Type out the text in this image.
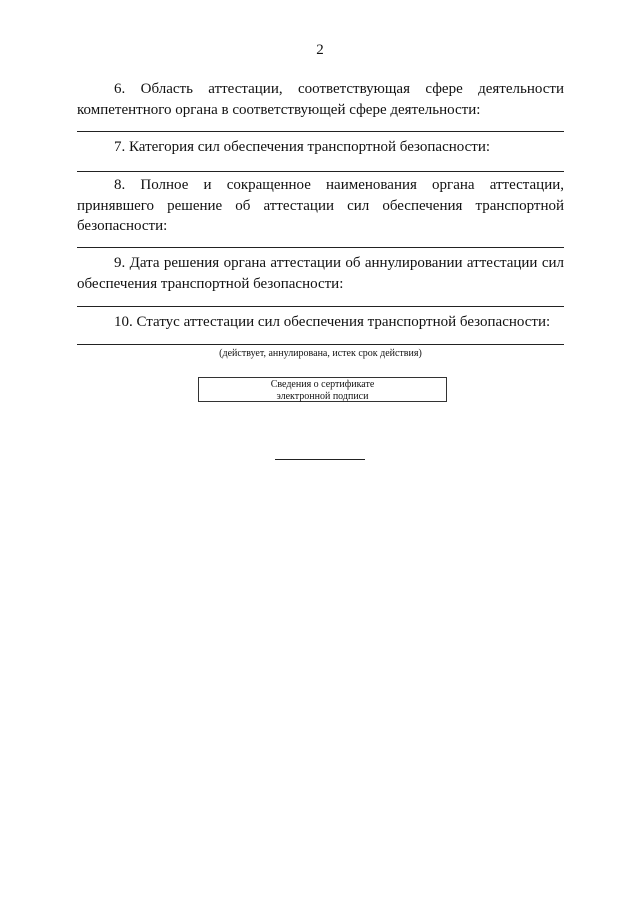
2
6. Область аттестации, соответствующая сфере деятельности компетентного органа в соответствующей сфере деятельности:
7. Категория сил обеспечения транспортной безопасности:
8. Полное и сокращенное наименования органа аттестации, принявшего решение об аттестации сил обеспечения транспортной безопасности:
9. Дата решения органа аттестации об аннулировании аттестации сил обеспечения транспортной безопасности:
10. Статус аттестации сил обеспечения транспортной безопасности:
(действует, аннулирована, истек срок действия)
Сведения о сертификате
электронной подписи
